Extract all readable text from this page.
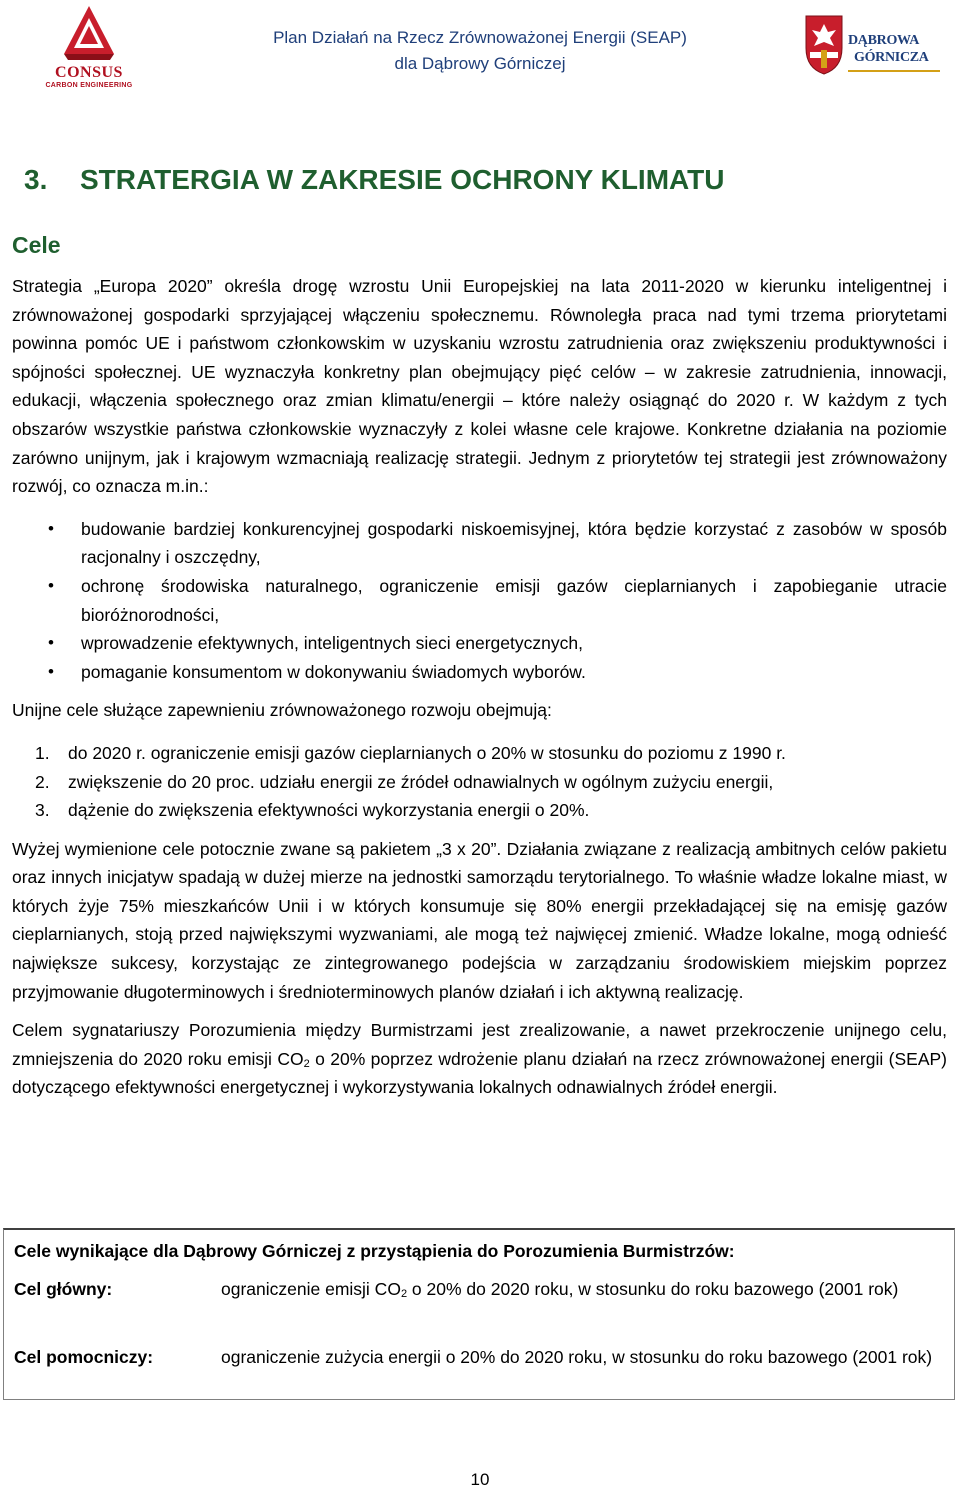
CONSUS
CARBON ENGINEERING
Plan Działań na Rzecz Zrównoważonej Energii (SEAP)
dla Dąbrowy Górniczej
DĄBROWA
GÓRNICZA
3. STRATERGIA W ZAKRESIE OCHRONY KLIMATU
Cele

Strategia „Europa 2020” określa drogę wzrostu Unii Europejskiej na lata 2011-2020 w kierunku inteligentnej i zrównoważonej gospodarki sprzyjającej włączeniu społecznemu. Równoległa praca nad tymi trzema priorytetami powinna pomóc UE i państwom członkowskim w uzyskaniu wzrostu zatrudnienia oraz zwiększeniu produktywności i spójności społecznej. UE wyznaczyła konkretny plan obejmujący pięć celów – w zakresie zatrudnienia, innowacji, edukacji, włączenia społecznego oraz zmian klimatu/energii – które należy osiągnąć do 2020 r. W każdym z tych obszarów wszystkie państwa członkowskie wyznaczyły z kolei własne cele krajowe. Konkretne działania na poziomie zarówno unijnym, jak i krajowym wzmacniają realizację strategii. Jednym z priorytetów tej strategii jest zrównoważony rozwój, co oznacza m.in.:

• budowanie bardziej konkurencyjnej gospodarki niskoemisyjnej, która będzie korzystać z zasobów w sposób racjonalny i oszczędny,
• ochronę środowiska naturalnego, ograniczenie emisji gazów cieplarnianych i zapobieganie utracie bioróżnorodności,
• wprowadzenie efektywnych, inteligentnych sieci energetycznych,
• pomaganie konsumentom w dokonywaniu świadomych wyborów.

Unijne cele służące zapewnieniu zrównoważonego rozwoju obejmują:

1. do 2020 r. ograniczenie emisji gazów cieplarnianych o 20% w stosunku do poziomu z 1990 r.
2. zwiększenie do 20 proc. udziału energii ze źródeł odnawialnych w ogólnym zużyciu energii,
3. dążenie do zwiększenia efektywności wykorzystania energii o 20%.

Wyżej wymienione cele potocznie zwane są pakietem „3 x 20”. Działania związane z realizacją ambitnych celów pakietu oraz innych inicjatyw spadają w dużej mierze na jednostki samorządu terytorialnego. To właśnie władze lokalne miast, w których żyje 75% mieszkańców Unii i w których konsumuje się 80% energii przekładającej się na emisję gazów cieplarnianych, stoją przed największymi wyzwaniami, ale mogą też najwięcej zmienić. Władze lokalne, mogą odnieść największe sukcesy, korzystając ze zintegrowanego podejścia w zarządzaniu środowiskiem miejskim poprzez przyjmowanie długoterminowych i średnioterminowych planów działań i ich aktywną realizację.

Celem sygnatariuszy Porozumienia między Burmistrzami jest zrealizowanie, a nawet przekroczenie unijnego celu, zmniejszenia do 2020 roku emisji $CO_2$ o 20% poprzez wdrożenie planu działań na rzecz zrównoważonej energii (SEAP) dotyczącego efektywności energetycznej i wykorzystywania lokalnych odnawialnych źródeł energii.

Cele wynikające dla Dąbrowy Górniczej z przystąpienia do Porozumienia Burmistrzów:
Cel główny:	ograniczenie emisji $CO_2$ o 20% do 2020 roku, w stosunku do roku bazowego (2001 rok)
Cel pomocniczy:	ograniczenie zużycia energii o 20% do 2020 roku, w stosunku do roku bazowego (2001 rok)
10
